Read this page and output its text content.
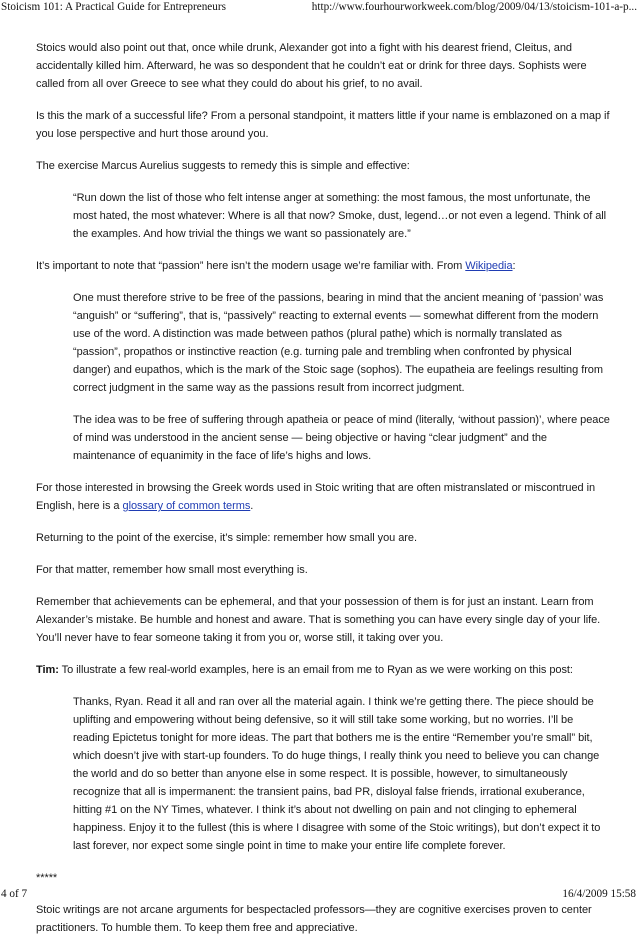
Stoicism 101: A Practical Guide for Entrepreneurs	http://www.fourhourworkweek.com/blog/2009/04/13/stoicism-101-a-p...

Stoics would also point out that, once while drunk, Alexander got into a fight with his dearest friend, Cleitus, and accidentally killed him. Afterward, he was so despondent that he couldn’t eat or drink for three days. Sophists were called from all over Greece to see what they could do about his grief, to no avail.

Is this the mark of a successful life? From a personal standpoint, it matters little if your name is emblazoned on a map if you lose perspective and hurt those around you.

The exercise Marcus Aurelius suggests to remedy this is simple and effective:

“Run down the list of those who felt intense anger at something: the most famous, the most unfortunate, the most hated, the most whatever: Where is all that now? Smoke, dust, legend…or not even a legend. Think of all the examples. And how trivial the things we want so passionately are.”

It’s important to note that “passion” here isn’t the modern usage we’re familiar with. From Wikipedia:

One must therefore strive to be free of the passions, bearing in mind that the ancient meaning of ‘passion’ was “anguish” or “suffering”, that is, “passively” reacting to external events — somewhat different from the modern use of the word. A distinction was made between pathos (plural pathe) which is normally translated as “passion”, propathos or instinctive reaction (e.g. turning pale and trembling when confronted by physical danger) and eupathos, which is the mark of the Stoic sage (sophos). The eupatheia are feelings resulting from correct judgment in the same way as the passions result from incorrect judgment.

The idea was to be free of suffering through apatheia or peace of mind (literally, ‘without passion)’, where peace of mind was understood in the ancient sense — being objective or having “clear judgment” and the maintenance of equanimity in the face of life’s highs and lows.

For those interested in browsing the Greek words used in Stoic writing that are often mistranslated or miscontrued in English, here is a glossary of common terms.

Returning to the point of the exercise, it’s simple: remember how small you are.

For that matter, remember how small most everything is.

Remember that achievements can be ephemeral, and that your possession of them is for just an instant. Learn from Alexander’s mistake. Be humble and honest and aware. That is something you can have every single day of your life. You’ll never have to fear someone taking it from you or, worse still, it taking over you.

Tim: To illustrate a few real-world examples, here is an email from me to Ryan as we were working on this post:

Thanks, Ryan. Read it all and ran over all the material again. I think we’re getting there. The piece should be uplifting and empowering without being defensive, so it will still take some working, but no worries. I’ll be reading Epictetus tonight for more ideas. The part that bothers me is the entire “Remember you’re small” bit, which doesn’t jive with start-up founders. To do huge things, I really think you need to believe you can change the world and do so better than anyone else in some respect. It is possible, however, to simultaneously recognize that all is impermanent: the transient pains, bad PR, disloyal false friends, irrational exuberance, hitting #1 on the NY Times, whatever. I think it’s about not dwelling on pain and not clinging to ephemeral happiness. Enjoy it to the fullest (this is where I disagree with some of the Stoic writings), but don’t expect it to last forever, nor expect some single point in time to make your entire life complete forever.

*****

Stoic writings are not arcane arguments for bespectacled professors—they are cognitive exercises proven to center practitioners. To humble them. To keep them free and appreciative.

4 of 7	16/4/2009 15:58
